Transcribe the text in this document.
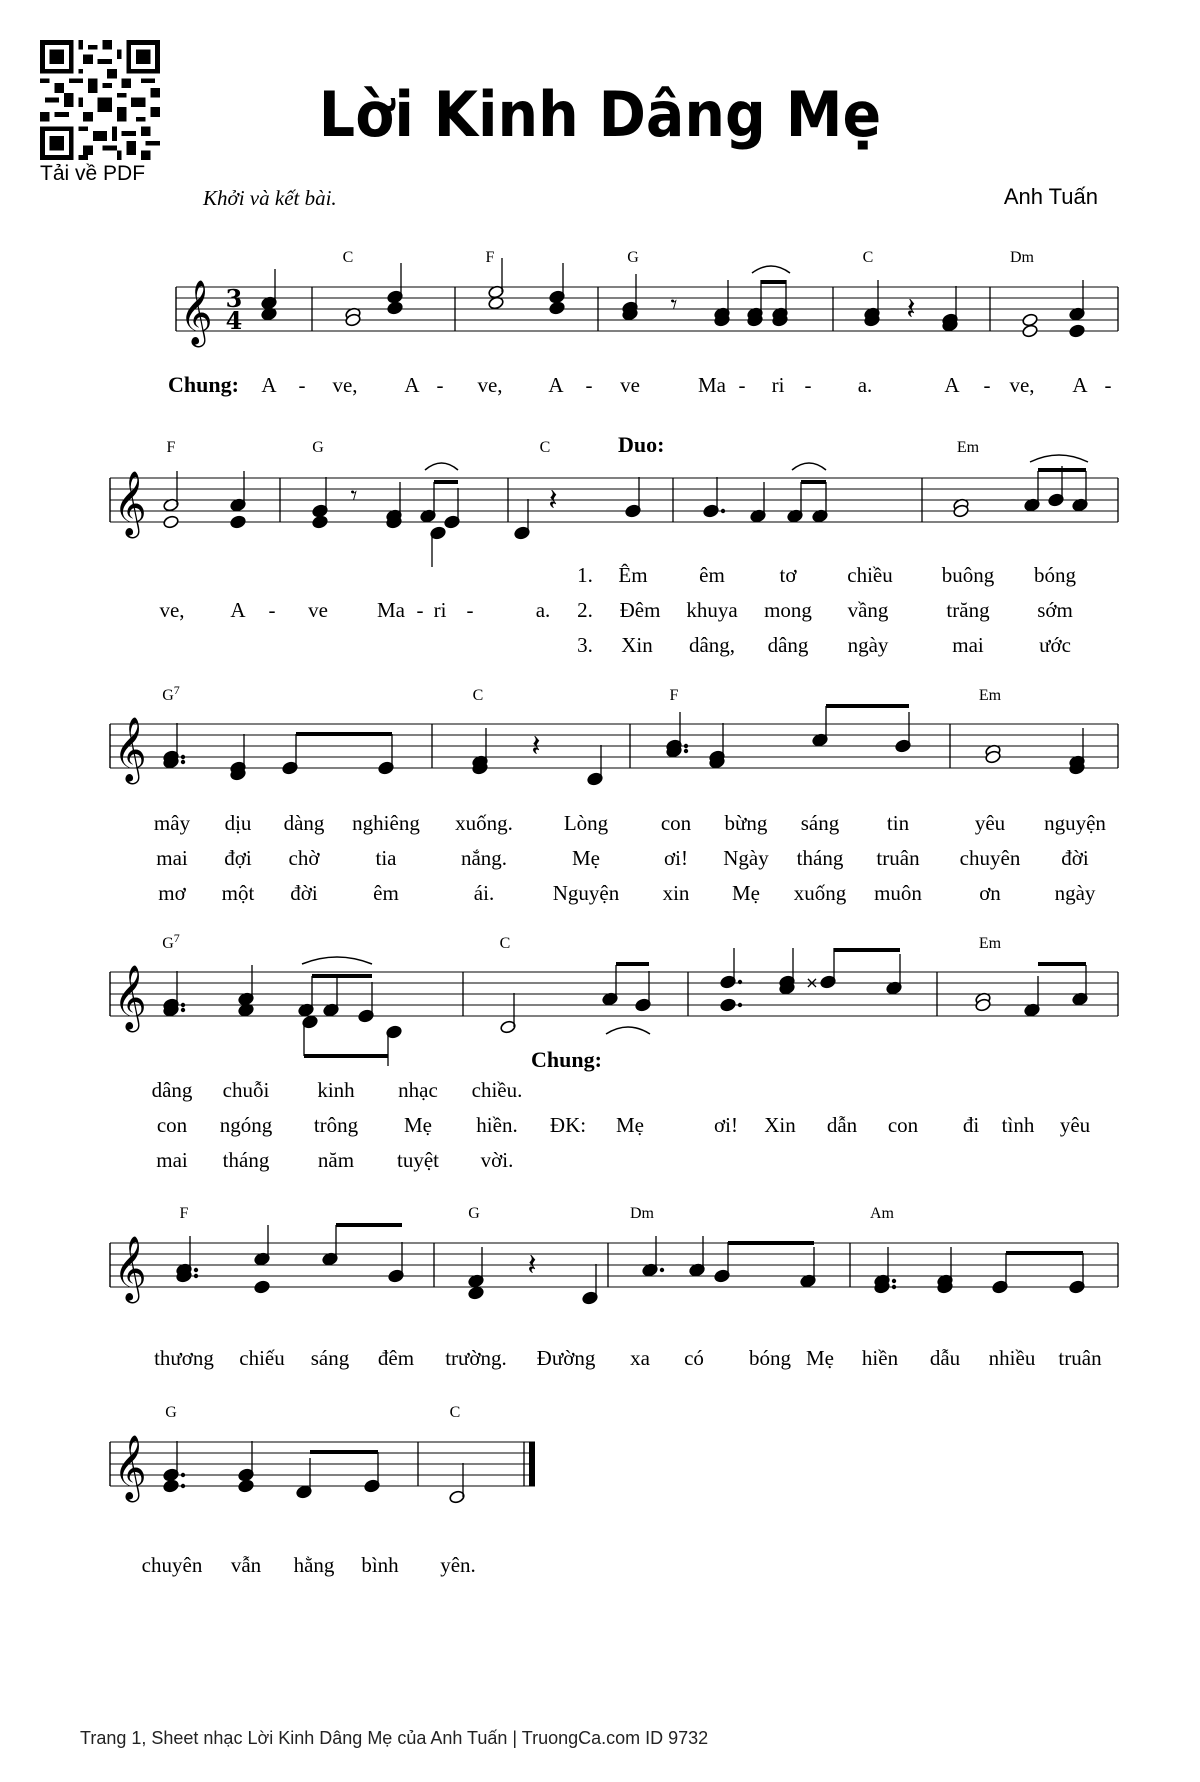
Tải về PDF
Lời Kinh Dâng Mẹ
Khởi và kết bài.	Anh Tuấn
𝄞 3
4
𝄾	𝄽
C	F	G	C	Dm
Chung: A - ve, A - ve, A - ve	Ma - ri - a.	A - ve, A -
𝄞	𝄾	𝄽
F	G	C	Em
Duo:
1. Êm êm	tơ chiều buông bóng
ve, A - ve Ma - ri -	a. 2. Đêm khuya mong vầng	trăng sớm
3. Xin dâng, dâng ngày	mai	ước
𝄞	𝄽
$G^7$	C	F	Em
mây dịu dàng nghiêng xuống. Lòng	con bừng sáng tin	yêu nguyện
mai đợi chờ	tia	nắng.	Mẹ	ơi! Ngày tháng truân chuyên đời
mơ một đời	êm	ái.	Nguyện xin Mẹ xuống muôn	ơn	ngày
𝄞	×
$G^7$	C	Em
Chung:
dâng chuỗi kinh nhạc chiều.
con ngóng trông Mẹ hiền. ĐK: Mẹ	ơi! Xin dẫn con đi tình yêu
mai tháng năm tuyệt vời.
𝄞	𝄽
F	G	Dm	Am
thương chiếu sáng đêm trường. Đường xa có bóng Mẹ hiền dẫu nhiều truân
𝄞
G	C
chuyên vẫn hằng bình yên.
Trang 1, Sheet nhạc Lời Kinh Dâng Mẹ của Anh Tuấn | TruongCa.com ID 9732
